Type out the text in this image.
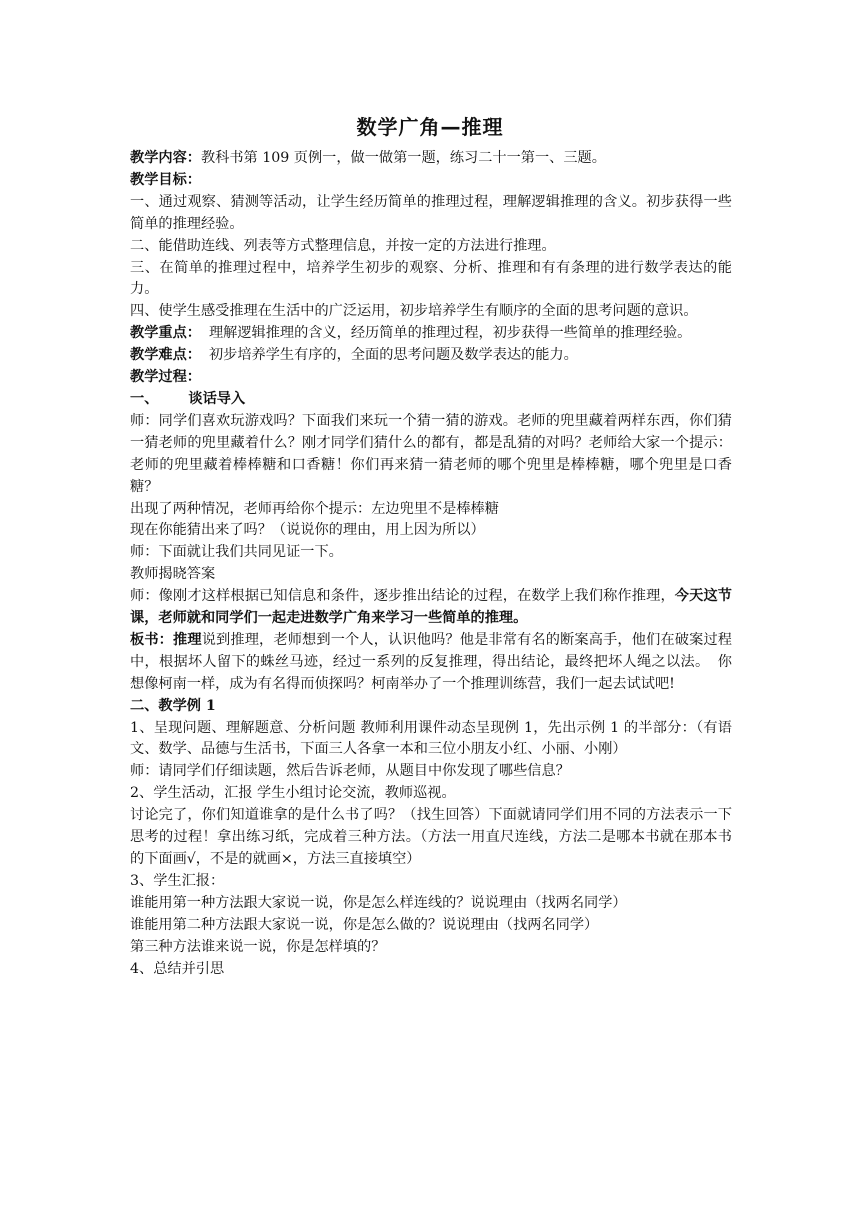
数学广角—推理

教学内容：教科书第 109 页例一，做一做第一题，练习二十一第一、三题。

教学目标：

一、通过观察、猜测等活动，让学生经历简单的推理过程，理解逻辑推理的含义。初步获得一些简单的推理经验。

二、能借助连线、列表等方式整理信息，并按一定的方法进行推理。

三、在简单的推理过程中，培养学生初步的观察、分析、推理和有有条理的进行数学表达的能力。

四、使学生感受推理在生活中的广泛运用，初步培养学生有顺序的全面的思考问题的意识。

教学重点： 理解逻辑推理的含义，经历简单的推理过程，初步获得一些简单的推理经验。

教学难点： 初步培养学生有序的，全面的思考问题及数学表达的能力。

教学过程：

一、 谈话导入

师：同学们喜欢玩游戏吗？下面我们来玩一个猜一猜的游戏。老师的兜里藏着两样东西，你们猜一猜老师的兜里藏着什么？刚才同学们猜什么的都有，都是乱猜的对吗？老师给大家一个提示：老师的兜里藏着棒棒糖和口香糖！你们再来猜一猜老师的哪个兜里是棒棒糖，哪个兜里是口香糖？

出现了两种情况，老师再给你个提示：左边兜里不是棒棒糖

现在你能猜出来了吗？（说说你的理由，用上因为所以）

师：下面就让我们共同见证一下。

教师揭晓答案

师：像刚才这样根据已知信息和条件，逐步推出结论的过程，在数学上我们称作推理，今天这节课，老师就和同学们一起走进数学广角来学习一些简单的推理。

板书：推理说到推理，老师想到一个人，认识他吗？他是非常有名的断案高手，他们在破案过程中，根据坏人留下的蛛丝马迹，经过一系列的反复推理，得出结论，最终把坏人绳之以法。 你想像柯南一样，成为有名得而侦探吗？柯南举办了一个推理训练营，我们一起去试试吧!

二、教学例 1

1、呈现问题、理解题意、分析问题 教师利用课件动态呈现例 1，先出示例 1 的半部分：（有语文、数学、品德与生活书，下面三人各拿一本和三位小朋友小红、小丽、小刚）

师：请同学们仔细读题，然后告诉老师，从题目中你发现了哪些信息？

2、学生活动，汇报 学生小组讨论交流，教师巡视。

讨论完了，你们知道谁拿的是什么书了吗？（找生回答）下面就请同学们用不同的方法表示一下思考的过程！拿出练习纸，完成着三种方法。（方法一用直尺连线，方法二是哪本书就在那本书的下面画√，不是的就画×，方法三直接填空）

3、学生汇报：

谁能用第一种方法跟大家说一说，你是怎么样连线的？说说理由（找两名同学）

谁能用第二种方法跟大家说一说，你是怎么做的？说说理由（找两名同学）

第三种方法谁来说一说，你是怎样填的？

4、总结并引思
